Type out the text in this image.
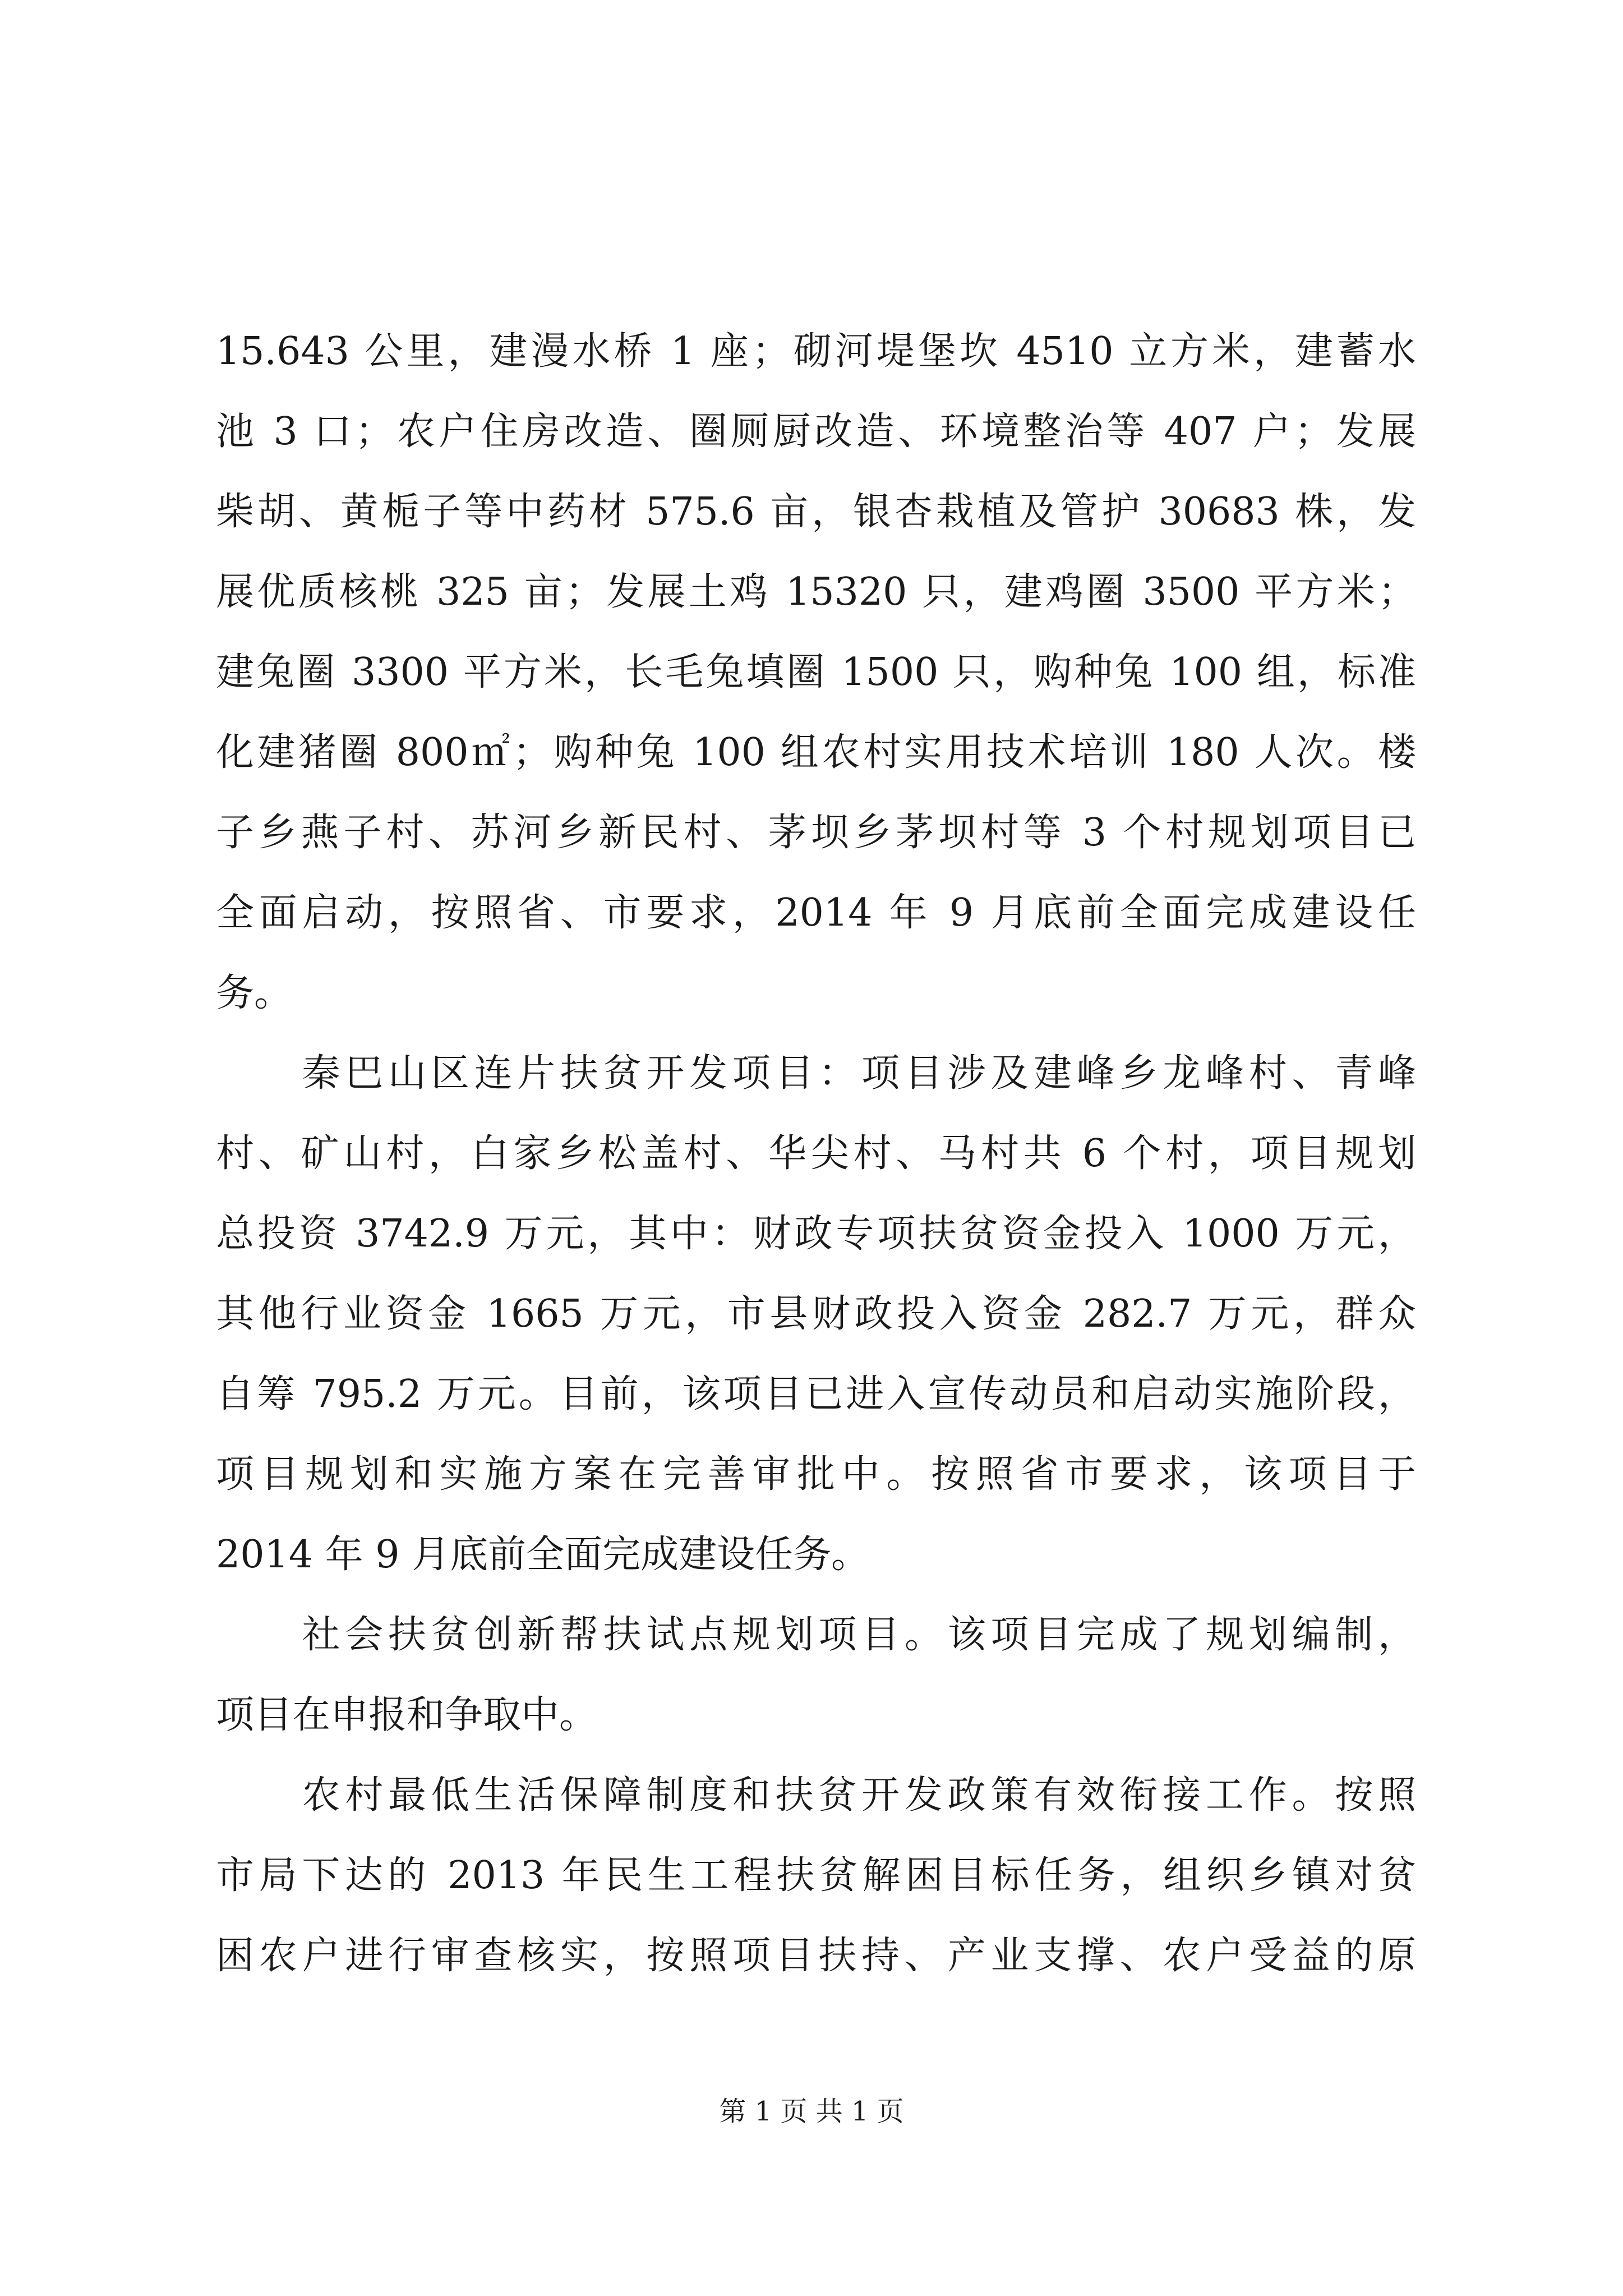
15.643 公里，建漫水桥 1 座；砌河堤堡坎 4510 立方米，建蓄水
池 3 口；农户住房改造、圈厕厨改造、环境整治等 407 户；发展
柴胡、黄栀子等中药材 575.6 亩，银杏栽植及管护 30683 株，发
展优质核桃 325 亩；发展土鸡 15320 只，建鸡圈 3500 平方米；
建兔圈 3300 平方米，长毛兔填圈 1500 只，购种兔 100 组，标准
化建猪圈 800㎡；购种兔 100 组农村实用技术培训 180 人次。楼
子乡燕子村、苏河乡新民村、茅坝乡茅坝村等 3 个村规划项目已
全面启动，按照省、市要求，2014 年 9 月底前全面完成建设任
务。
　　秦巴山区连片扶贫开发项目：项目涉及建峰乡龙峰村、青峰
村、矿山村，白家乡松盖村、华尖村、马村共 6 个村，项目规划
总投资 3742.9 万元，其中：财政专项扶贫资金投入 1000 万元，
其他行业资金 1665 万元，市县财政投入资金 282.7 万元，群众
自筹 795.2 万元。目前，该项目已进入宣传动员和启动实施阶段，
项目规划和实施方案在完善审批中。按照省市要求，该项目于
2014 年 9 月底前全面完成建设任务。
　　社会扶贫创新帮扶试点规划项目。该项目完成了规划编制，
项目在申报和争取中。
　　农村最低生活保障制度和扶贫开发政策有效衔接工作。按照
市局下达的 2013 年民生工程扶贫解困目标任务，组织乡镇对贫
困农户进行审查核实，按照项目扶持、产业支撑、农户受益的原
第 1 页 共 1 页
